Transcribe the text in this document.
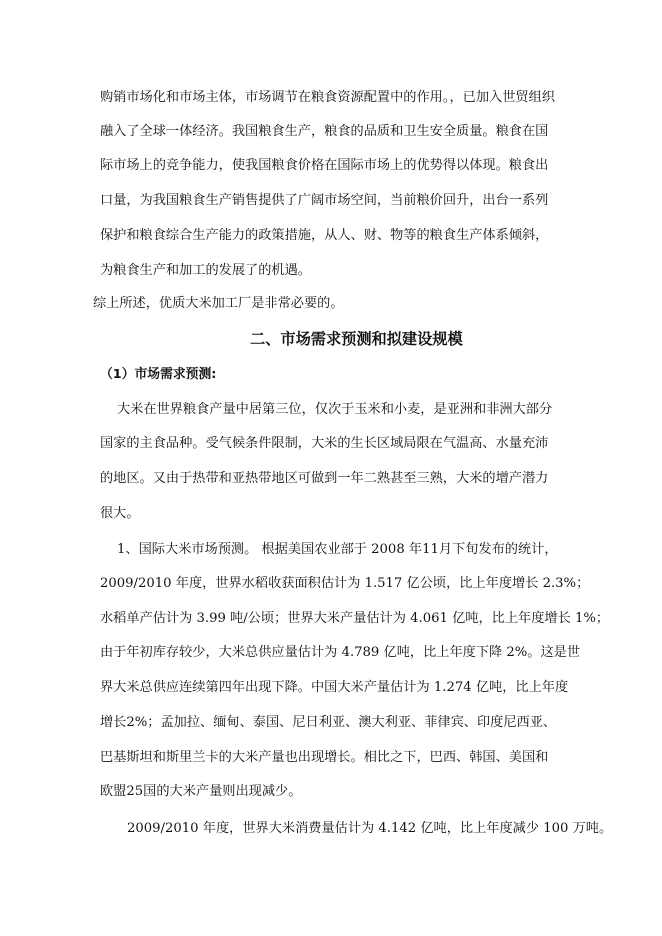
购销市场化和市场主体，市场调节在粮食资源配置中的作用。，已加入世贸组织
融入了全球一体经济。我国粮食生产，粮食的品质和卫生安全质量。粮食在国
际市场上的竞争能力，使我国粮食价格在国际市场上的优势得以体现。粮食出
口量，为我国粮食生产销售提供了广阔市场空间，当前粮价回升，出台一系列
保护和粮食综合生产能力的政策措施，从人、财、物等的粮食生产体系倾斜，
为粮食生产和加工的发展了的机遇。
综上所述，优质大米加工厂是非常必要的。
二、市场需求预测和拟建设规模
（1）市场需求预测:
大米在世界粮食产量中居第三位，仅次于玉米和小麦，是亚洲和非洲大部分
国家的主食品种。受气候条件限制，大米的生长区域局限在气温高、水量充沛
的地区。又由于热带和亚热带地区可做到一年二熟甚至三熟，大米的增产潜力
很大。
1、国际大米市场预测。 根据美国农业部于 2008 年11月下旬发布的统计，
2009/2010 年度，世界水稻收获面积估计为 1.517 亿公顷，比上年度增长 2.3%；
水稻单产估计为 3.99 吨/公顷；世界大米产量估计为 4.061 亿吨，比上年度增长 1%；
由于年初库存较少，大米总供应量估计为 4.789 亿吨，比上年度下降 2%。这是世
界大米总供应连续第四年出现下降。中国大米产量估计为 1.274 亿吨，比上年度
增长2%；孟加拉、缅甸、泰国、尼日利亚、澳大利亚、菲律宾、印度尼西亚、
巴基斯坦和斯里兰卡的大米产量也出现增长。相比之下，巴西、韩国、美国和
欧盟25国的大米产量则出现减少。
2009/2010 年度，世界大米消费量估计为 4.142 亿吨，比上年度减少 100 万吨。
